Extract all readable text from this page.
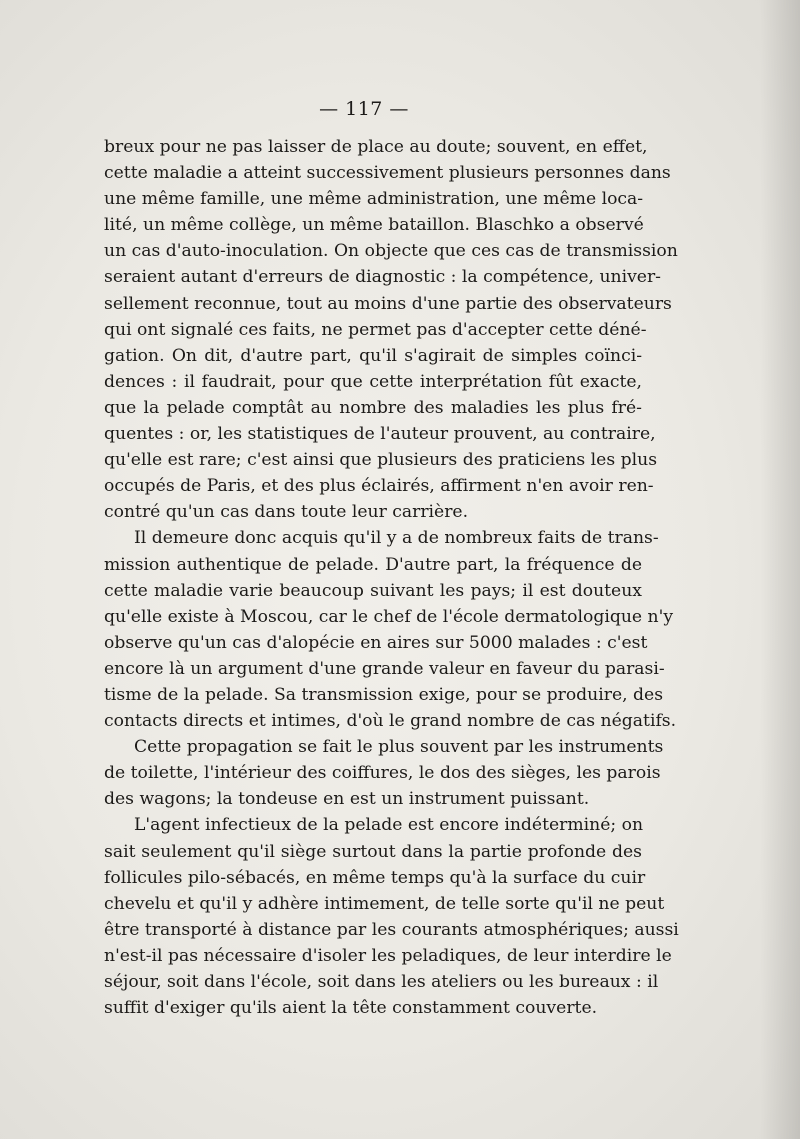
— 117 —

breux pour ne pas laisser de place au doute; souvent, en effet,
cette maladie a atteint successivement plusieurs personnes dans
une même famille, une même administration, une même loca-
lité, un même collège, un même bataillon. Blaschko a observé
un cas d'auto-inoculation. On objecte que ces cas de transmission
seraient autant d'erreurs de diagnostic : la compétence, univer-
sellement reconnue, tout au moins d'une partie des observateurs
qui ont signalé ces faits, ne permet pas d'accepter cette déné-
gation. On dit, d'autre part, qu'il s'agirait de simples coïnci-
dences : il faudrait, pour que cette interprétation fût exacte,
que la pelade comptât au nombre des maladies les plus fré-
quentes : or, les statistiques de l'auteur prouvent, au contraire,
qu'elle est rare; c'est ainsi que plusieurs des praticiens les plus
occupés de Paris, et des plus éclairés, affirment n'en avoir ren-
contré qu'un cas dans toute leur carrière.

Il demeure donc acquis qu'il y a de nombreux faits de trans-
mission authentique de pelade. D'autre part, la fréquence de
cette maladie varie beaucoup suivant les pays; il est douteux
qu'elle existe à Moscou, car le chef de l'école dermatologique n'y
observe qu'un cas d'alopécie en aires sur 5000 malades : c'est
encore là un argument d'une grande valeur en faveur du parasi-
tisme de la pelade. Sa transmission exige, pour se produire, des
contacts directs et intimes, d'où le grand nombre de cas négatifs.

Cette propagation se fait le plus souvent par les instruments
de toilette, l'intérieur des coiffures, le dos des sièges, les parois
des wagons; la tondeuse en est un instrument puissant.

L'agent infectieux de la pelade est encore indéterminé; on
sait seulement qu'il siège surtout dans la partie profonde des
follicules pilo-sébacés, en même temps qu'à la surface du cuir
chevelu et qu'il y adhère intimement, de telle sorte qu'il ne peut
être transporté à distance par les courants atmosphériques; aussi
n'est-il pas nécessaire d'isoler les peladiques, de leur interdire le
séjour, soit dans l'école, soit dans les ateliers ou les bureaux : il
suffit d'exiger qu'ils aient la tête constamment couverte.
